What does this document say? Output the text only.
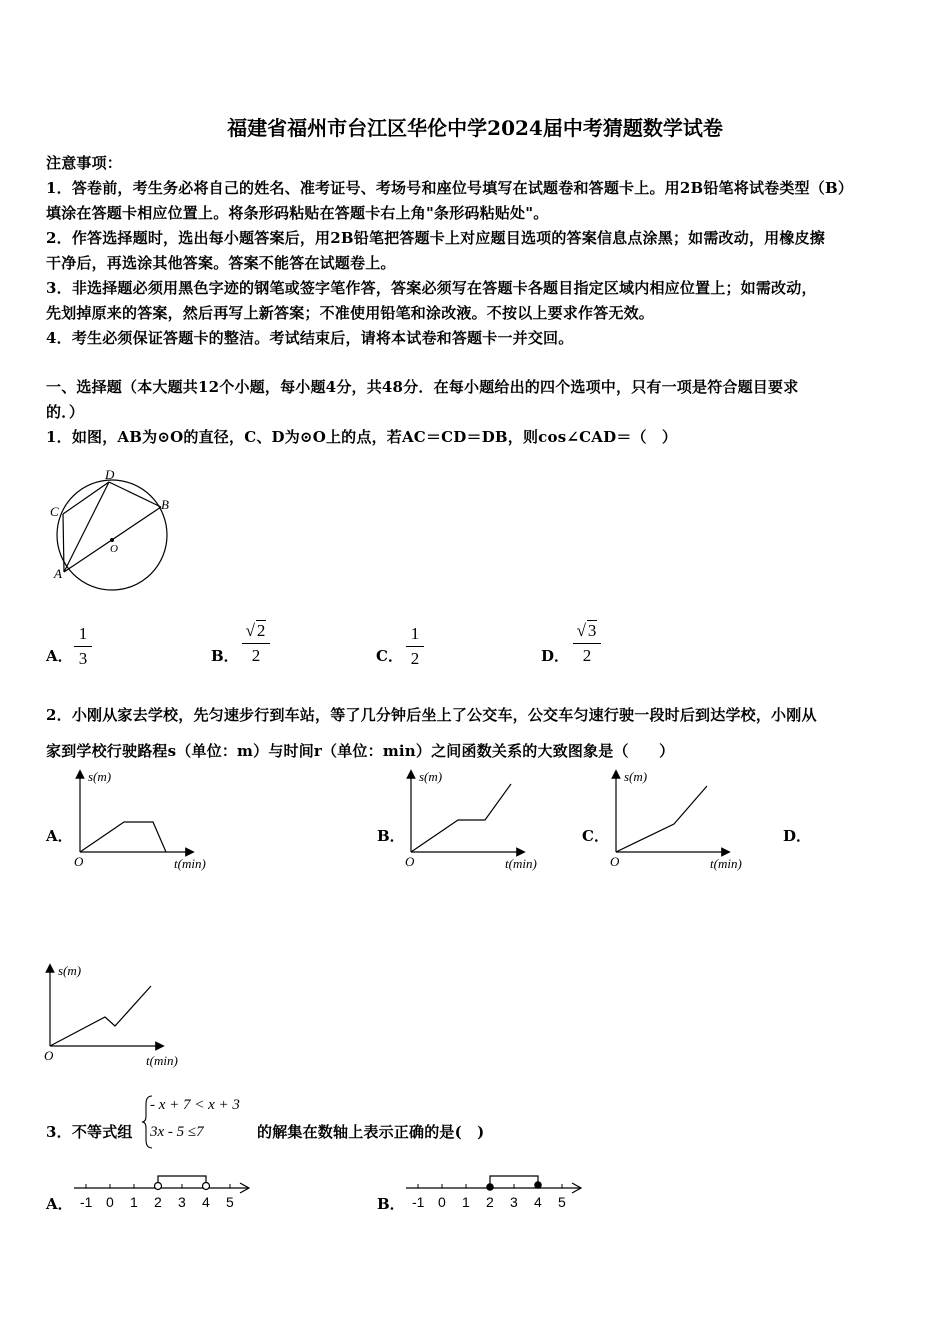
福建省福州市台江区华伦中学2024届中考猜题数学试卷
注意事项：
1．答卷前，考生务必将自己的姓名、准考证号、考场号和座位号填写在试题卷和答题卡上。用2B铅笔将试卷类型（B）
填涂在答题卡相应位置上。将条形码粘贴在答题卡右上角"条形码粘贴处"。
2．作答选择题时，选出每小题答案后，用2B铅笔把答题卡上对应题目选项的答案信息点涂黑；如需改动，用橡皮擦
干净后，再选涂其他答案。答案不能答在试题卷上。
3．非选择题必须用黑色字迹的钢笔或签字笔作答，答案必须写在答题卡各题目指定区域内相应位置上；如需改动，
先划掉原来的答案，然后再写上新答案；不准使用铅笔和涂改液。不按以上要求作答无效。
4．考生必须保证答题卡的整洁。考试结束后，请将本试卷和答题卡一并交回。
一、选择题（本大题共12个小题，每小题4分，共48分．在每小题给出的四个选项中，只有一项是符合题目要求
的．）
1．如图，AB为⊙O的直径，C、D为⊙O上的点，若AC＝CD＝DB，则cos∠CAD＝（　）
D
B
C
A
O
A．
1
3	B．
√ 2
2	C．
1
2	D．
√ 3
2
2．小刚从家去学校，先匀速步行到车站，等了几分钟后坐上了公交车，公交车匀速行驶一段时后到达学校，小刚从
家到学校行驶路程s（单位：m）与时间r（单位：min）之间函数关系的大致图象是（　　）
A．
s(m)
t(min)
O
B．
s(m)
t(min)
O
C．
s(m)
t(min)
O
D．
s(m)
t(min)
O
3．不等式组
- x + 7 < x + 3
3x - 5 ≤7	的解集在数轴上表示正确的是(　)
A． -1 0 1 2 3 4 5	B． -1 0 1 2 3 4 5
